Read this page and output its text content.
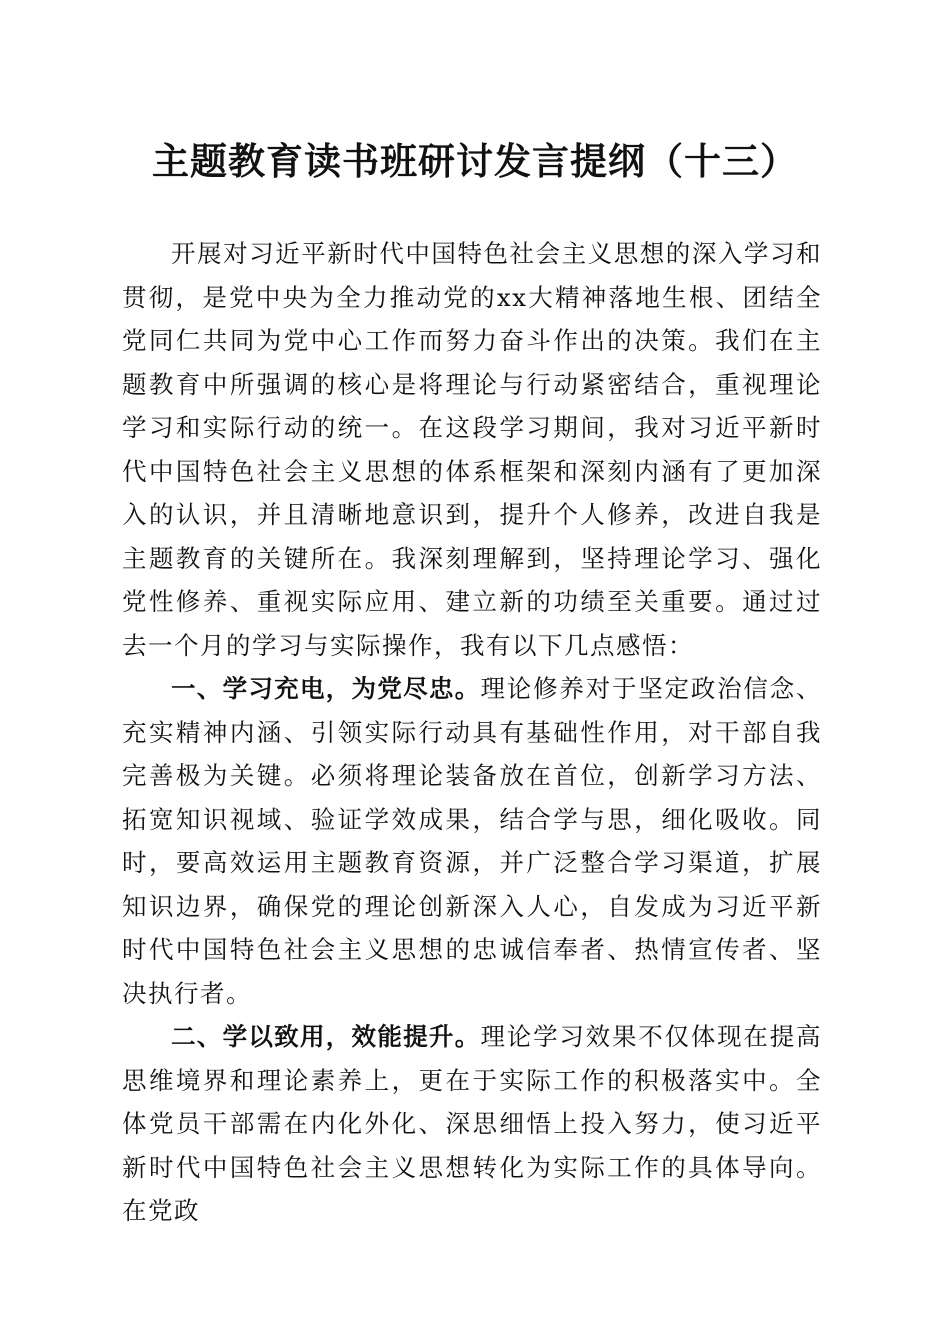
主题教育读书班研讨发言提纲（十三）

开展对习近平新时代中国特色社会主义思想的深入学习和贯彻，是党中央为全力推动党的xx大精神落地生根、团结全党同仁共同为党中心工作而努力奋斗作出的决策。我们在主题教育中所强调的核心是将理论与行动紧密结合，重视理论学习和实际行动的统一。在这段学习期间，我对习近平新时代中国特色社会主义思想的体系框架和深刻内涵有了更加深入的认识，并且清晰地意识到，提升个人修养，改进自我是主题教育的关键所在。我深刻理解到，坚持理论学习、强化党性修养、重视实际应用、建立新的功绩至关重要。通过过去一个月的学习与实际操作，我有以下几点感悟：

一、学习充电，为党尽忠。理论修养对于坚定政治信念、充实精神内涵、引领实际行动具有基础性作用，对干部自我完善极为关键。必须将理论装备放在首位，创新学习方法、拓宽知识视域、验证学效成果，结合学与思，细化吸收。同时，要高效运用主题教育资源，并广泛整合学习渠道，扩展知识边界，确保党的理论创新深入人心，自发成为习近平新时代中国特色社会主义思想的忠诚信奉者、热情宣传者、坚决执行者。

二、学以致用，效能提升。理论学习效果不仅体现在提高思维境界和理论素养上，更在于实际工作的积极落实中。全体党员干部需在内化外化、深思细悟上投入努力，使习近平新时代中国特色社会主义思想转化为实际工作的具体导向。在党政
